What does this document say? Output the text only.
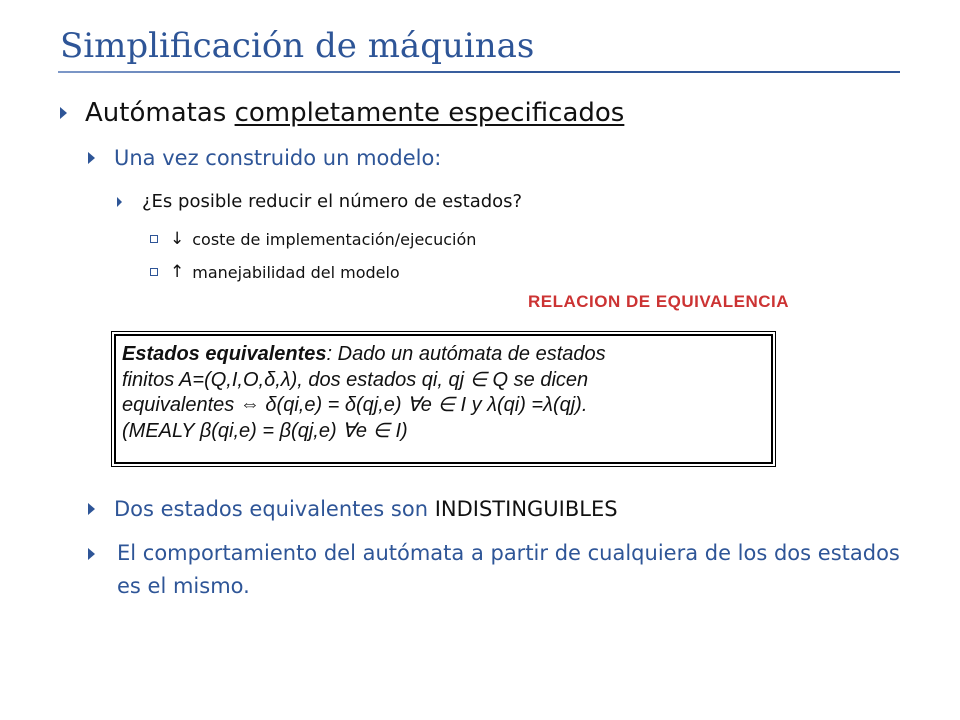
Simplificación de máquinas
Autómatas completamente especificados
Una vez construido un modelo:
¿Es posible reducir el número de estados?
↓ coste de implementación/ejecución
↑ manejabilidad del modelo
RELACION DE EQUIVALENCIA
Estados equivalentes: Dado un autómata de estados
finitos A=(Q,I,O,δ,λ), dos estados qi, qj ∈ Q se dicen
equivalentes ⇔ δ(qi,e) = δ(qj,e) ∀e ∈ I y λ(qi) =λ(qj).
(MEALY β(qi,e) = β(qj,e) ∀e ∈ I)
Dos estados equivalentes son INDISTINGUIBLES
El comportamiento del autómata a partir de cualquiera de los dos estados es el mismo.
